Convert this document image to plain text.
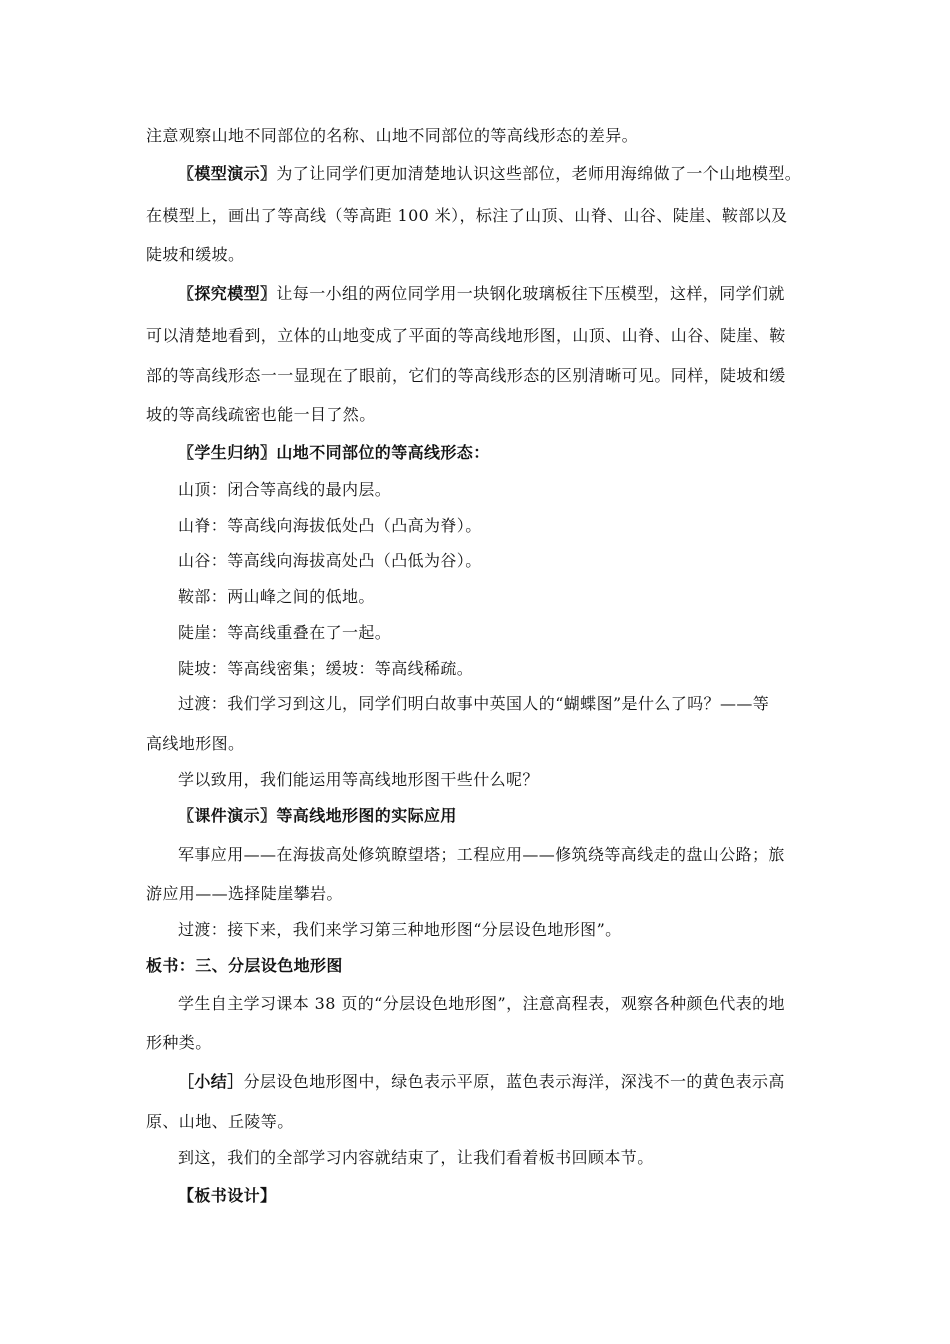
注意观察山地不同部位的名称、山地不同部位的等高线形态的差异。
〖模型演示〗为了让同学们更加清楚地认识这些部位，老师用海绵做了一个山地模型。
在模型上，画出了等高线（等高距 100 米），标注了山顶、山脊、山谷、陡崖、鞍部以及
陡坡和缓坡。
〖探究模型〗让每一小组的两位同学用一块钢化玻璃板往下压模型，这样，同学们就
可以清楚地看到，立体的山地变成了平面的等高线地形图，山顶、山脊、山谷、陡崖、鞍
部的等高线形态一一显现在了眼前，它们的等高线形态的区别清晰可见。同样，陡坡和缓
坡的等高线疏密也能一目了然。
〖学生归纳〗山地不同部位的等高线形态：
山顶：闭合等高线的最内层。
山脊：等高线向海拔低处凸（凸高为脊）。
山谷：等高线向海拔高处凸（凸低为谷）。
鞍部：两山峰之间的低地。
陡崖：等高线重叠在了一起。
陡坡：等高线密集；缓坡：等高线稀疏。
过渡：我们学习到这儿，同学们明白故事中英国人的“蝴蝶图”是什么了吗？——等
高线地形图。
学以致用，我们能运用等高线地形图干些什么呢？
〖课件演示〗等高线地形图的实际应用
军事应用——在海拔高处修筑瞭望塔；工程应用——修筑绕等高线走的盘山公路；旅
游应用——选择陡崖攀岩。
过渡：接下来，我们来学习第三种地形图“分层设色地形图”。
板书：三、分层设色地形图
学生自主学习课本 38 页的“分层设色地形图”，注意高程表，观察各种颜色代表的地
形种类。
［小结］分层设色地形图中，绿色表示平原，蓝色表示海洋，深浅不一的黄色表示高
原、山地、丘陵等。
到这，我们的全部学习内容就结束了，让我们看着板书回顾本节。
【板书设计】
